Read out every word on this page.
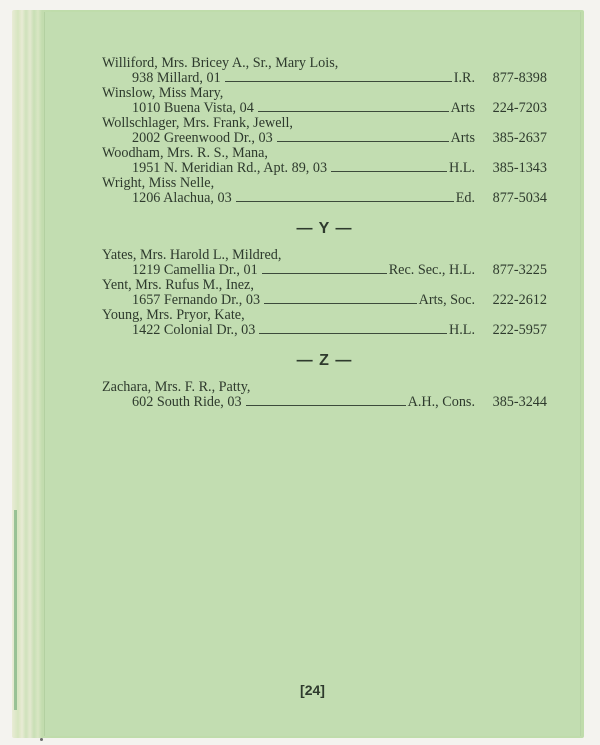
Williford, Mrs. Bricey A., Sr., Mary Lois,
938 Millard, 01	I.R.	877-8398
Winslow, Miss Mary,
1010 Buena Vista, 04	Arts	224-7203
Wollschlager, Mrs. Frank, Jewell,
2002 Greenwood Dr., 03	Arts	385-2637
Woodham, Mrs. R. S., Mana,
1951 N. Meridian Rd., Apt. 89, 03	H.L.	385-1343
Wright, Miss Nelle,
1206 Alachua, 03	Ed.	877-5034
— Y —
Yates, Mrs. Harold L., Mildred,
1219 Camellia Dr., 01	Rec. Sec., H.L.	877-3225
Yent, Mrs. Rufus M., Inez,
1657 Fernando Dr., 03	Arts, Soc.	222-2612
Young, Mrs. Pryor, Kate,
1422 Colonial Dr., 03	H.L.	222-5957
— Z —
Zachara, Mrs. F. R., Patty,
602 South Ride, 03	A.H., Cons.	385-3244
[24]
